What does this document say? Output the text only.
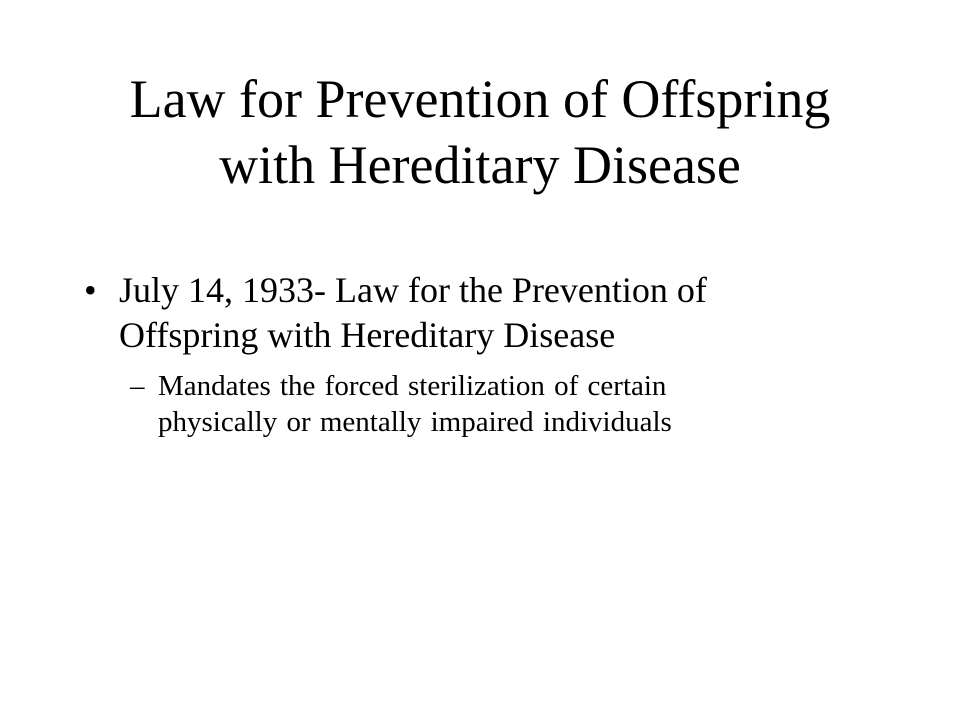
Law for Prevention of Offspring
with Hereditary Disease
• July 14, 1933- Law for the Prevention of
Offspring with Hereditary Disease
– Mandates the forced sterilization of certain
physically or mentally impaired individuals
